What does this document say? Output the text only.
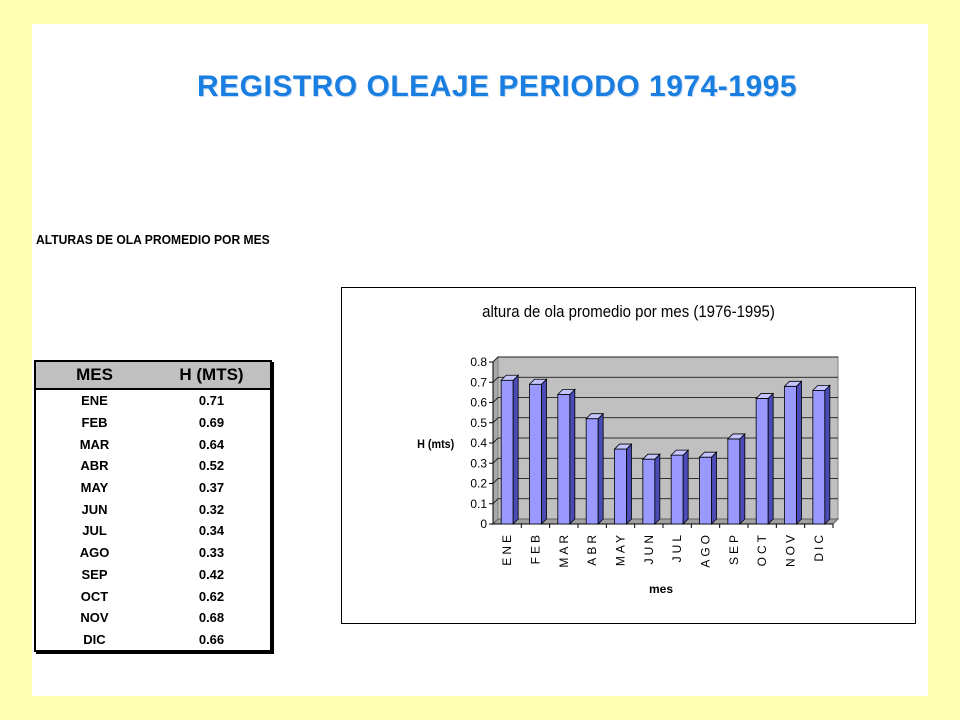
REGISTRO OLEAJE PERIODO 1974-1995
ALTURAS DE OLA PROMEDIO POR MES
MES	H (MTS)
ENE	0.71
FEB	0.69
MAR	0.64
ABR	0.52
MAY	0.37
JUN	0.32
JUL	0.34
AGO	0.33
SEP	0.42
OCT	0.62
NOV	0.68
DIC	0.66
altura de ola promedio por mes (1976-1995)
H (mts)
mes
0
0.1
0.2
0.3
0.4
0.5
0.6
0.7
0.8
ENE FEB MAR ABR MAY JUN JUL AGO SEP OCT NOV DIC
